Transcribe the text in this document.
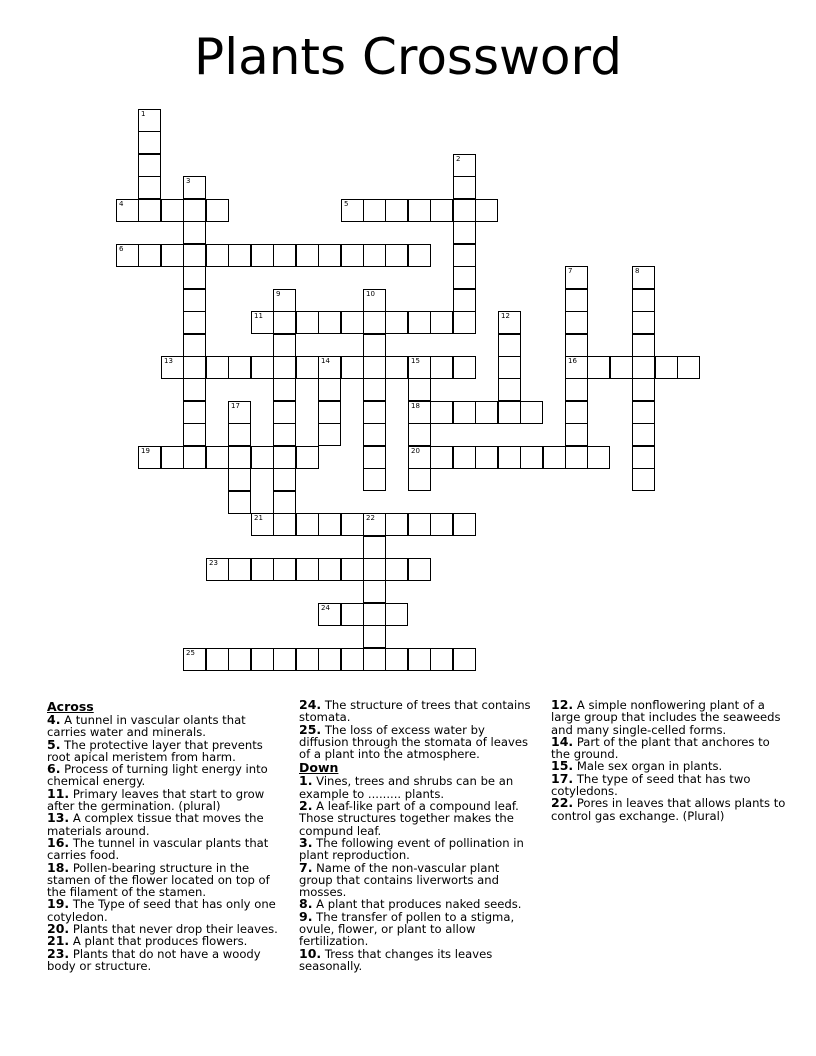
Plants Crossword
1
2
3
4	5
6
7
16
8
9	10
11	12
13	14	15
18
20
17
19
21	22
23
24
25
Across
4. A tunnel in vascular olants that carries water and minerals.
5. The protective layer that prevents root apical meristem from harm.
6. Process of turning light energy into chemical energy.
11. Primary leaves that start to grow after the germination. (plural)
13. A complex tissue that moves the materials around.
16. The tunnel in vascular plants that carries food.
18. Pollen-bearing structure in the stamen of the flower located on top of the filament of the stamen.
19. The Type of seed that has only one cotyledon.
20. Plants that never drop their leaves.
21. A plant that produces flowers.
23. Plants that do not have a woody body or structure.
24. The structure of trees that contains stomata.
25. The loss of excess water by diffusion through the stomata of leaves of a plant into the atmosphere.
Down
1. Vines, trees and shrubs can be an example to ......... plants.
2. A leaf-like part of a compound leaf. Those structures together makes the compund leaf.
3. The following event of pollination in plant reproduction.
7. Name of the non-vascular plant group that contains liverworts and mosses.
8. A plant that produces naked seeds.
9. The transfer of pollen to a stigma, ovule, flower, or plant to allow fertilization.
10. Tress that changes its leaves seasonally.
12. A simple nonflowering plant of a large group that includes the seaweeds and many single-celled forms.
14. Part of the plant that anchores to the ground.
15. Male sex organ in plants.
17. The type of seed that has two cotyledons.
22. Pores in leaves that allows plants to control gas exchange. (Plural)
